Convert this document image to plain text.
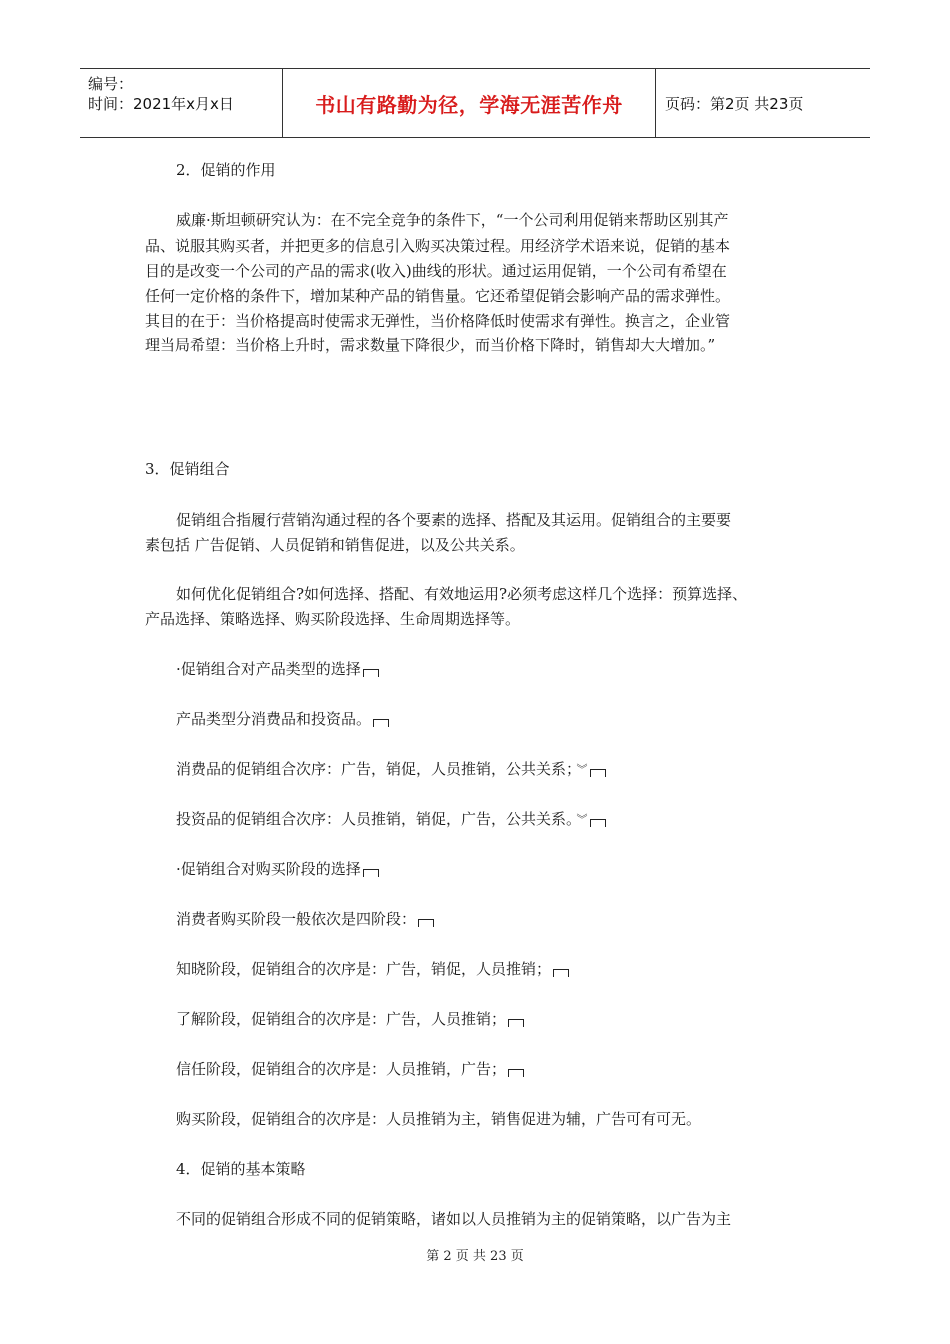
编号：
时间：2021年x月x日	书山有路勤为径，学海无涯苦作舟	页码：第2页 共23页
2．促销的作用
威廉·斯坦顿研究认为：在不完全竞争的条件下，“一个公司利用促销来帮助区别其产
品、说服其购买者，并把更多的信息引入购买决策过程。用经济学术语来说，促销的基本
目的是改变一个公司的产品的需求(收入)曲线的形状。通过运用促销，一个公司有希望在
任何一定价格的条件下，增加某种产品的销售量。它还希望促销会影响产品的需求弹性。
其目的在于：当价格提高时使需求无弹性，当价格降低时使需求有弹性。换言之，企业管
理当局希望：当价格上升时，需求数量下降很少，而当价格下降时，销售却大大增加。”
3．促销组合
促销组合指履行营销沟通过程的各个要素的选择、搭配及其运用。促销组合的主要要
素包括 广告促销、人员促销和销售促进，以及公共关系。
如何优化促销组合?如何选择、搭配、有效地运用?必须考虑这样几个选择：预算选择、
产品选择、策略选择、购买阶段选择、生命周期选择等。
·促销组合对产品类型的选择
产品类型分消费品和投资品。
消费品的促销组合次序：广告，销促，人员推销，公共关系； ︾
投资品的促销组合次序：人员推销，销促，广告，公共关系。 ︾
·促销组合对购买阶段的选择
消费者购买阶段一般依次是四阶段：
知晓阶段，促销组合的次序是：广告，销促，人员推销；
了解阶段，促销组合的次序是：广告，人员推销；
信任阶段，促销组合的次序是：人员推销，广告；
购买阶段，促销组合的次序是：人员推销为主，销售促进为辅，广告可有可无。
4．促销的基本策略
不同的促销组合形成不同的促销策略，诸如以人员推销为主的促销策略，以广告为主
第 2 页 共 23 页
